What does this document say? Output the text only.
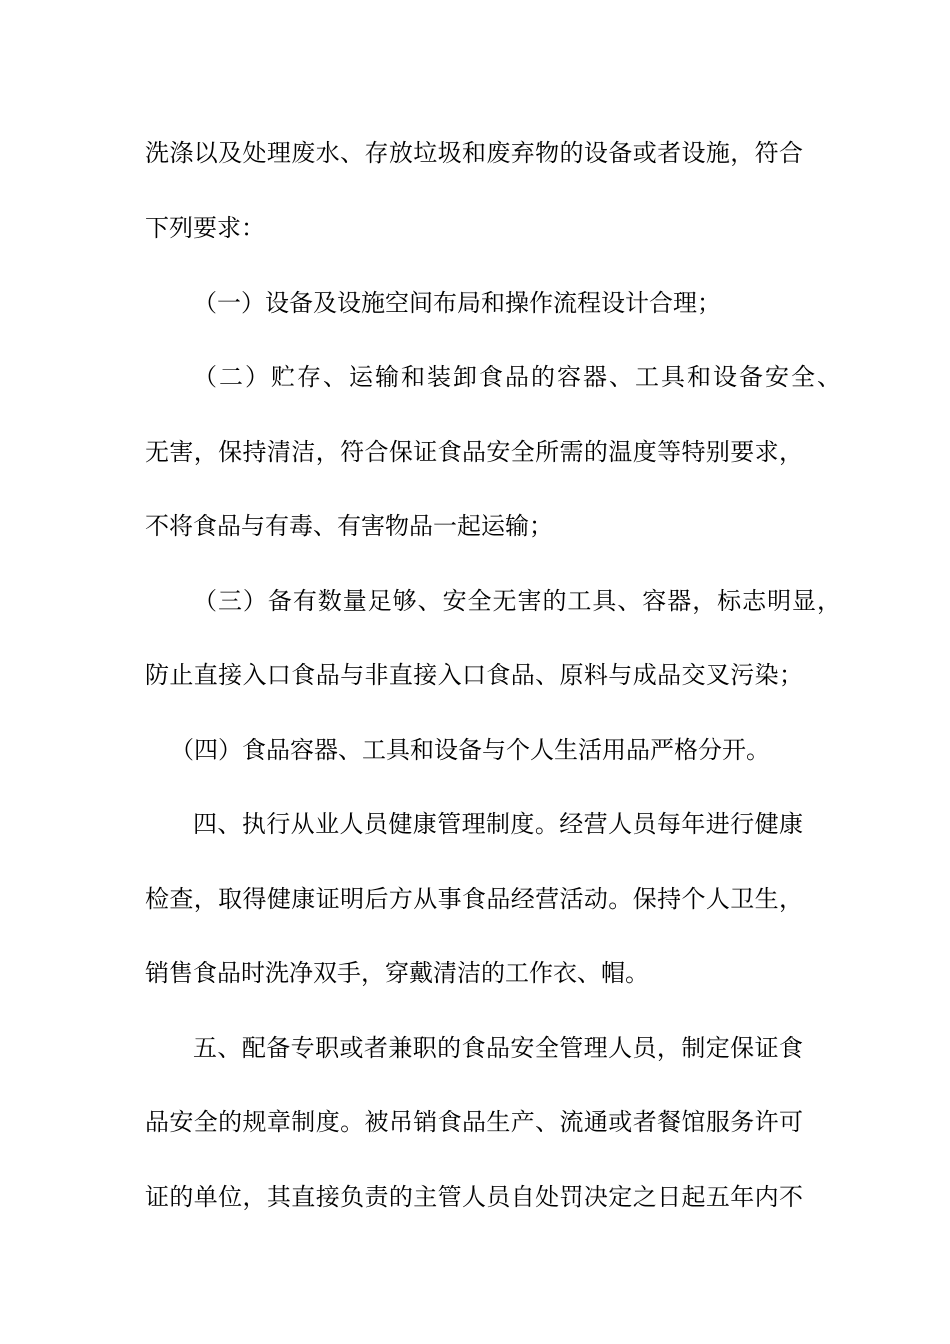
洗涤以及处理废水、存放垃圾和废弃物的设备或者设施，符合
下列要求：
（一）设备及设施空间布局和操作流程设计合理；
（二）贮存、运输和装卸食品的容器、工具和设备安全、
无害，保持清洁，符合保证食品安全所需的温度等特别要求，
不将食品与有毒、有害物品一起运输；
（三）备有数量足够、安全无害的工具、容器，标志明显，
防止直接入口食品与非直接入口食品、原料与成品交叉污染；
（四）食品容器、工具和设备与个人生活用品严格分开。
四、执行从业人员健康管理制度。经营人员每年进行健康
检查，取得健康证明后方从事食品经营活动。保持个人卫生，
销售食品时洗净双手，穿戴清洁的工作衣、帽。
五、配备专职或者兼职的食品安全管理人员，制定保证食
品安全的规章制度。被吊销食品生产、流通或者餐馆服务许可
证的单位，其直接负责的主管人员自处罚决定之日起五年内不
